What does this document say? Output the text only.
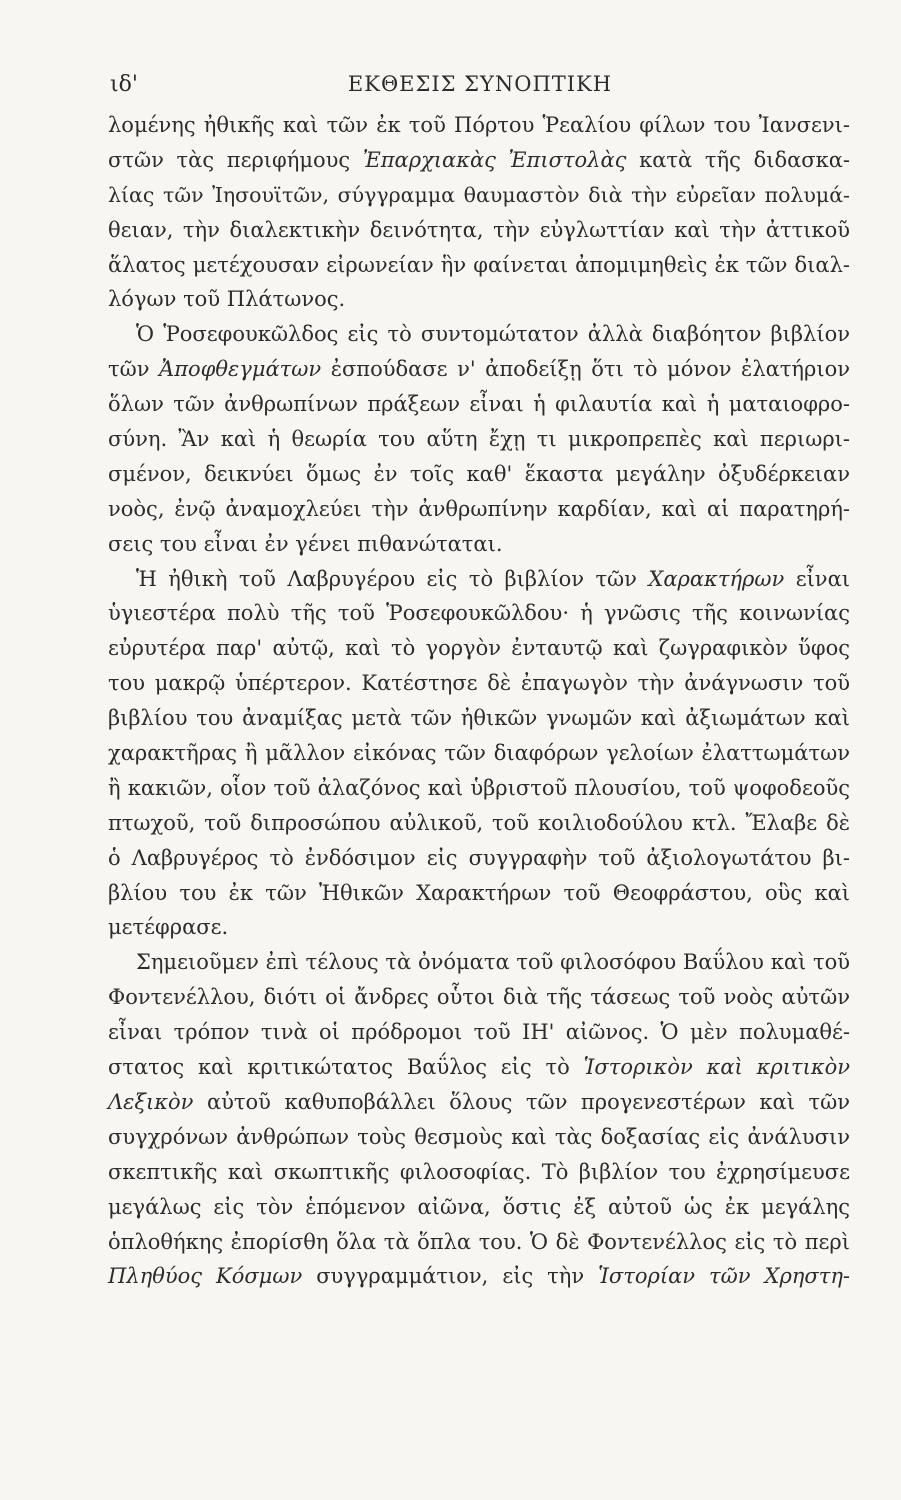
ιδ'	ΕΚΘΕΣΙΣ ΣΥΝΟΠΤΙΚΗ
λομένης ἠθικῆς καὶ τῶν ἐκ τοῦ Πόρτου Ῥεαλίου φίλων του Ἰανσενι-
στῶν τὰς περιφήμους Ἐπαρχιακὰς Ἐπιστολὰς κατὰ τῆς διδασκα-
λίας τῶν Ἰησουϊτῶν, σύγγραμμα θαυμαστὸν διὰ τὴν εὐρεῖαν πολυμά-
θειαν, τὴν διαλεκτικὴν δεινότητα, τὴν εὐγλωττίαν καὶ τὴν ἀττικοῦ
ἅλατος μετέχουσαν εἰρωνείαν ἣν φαίνεται ἀπομιμηθεὶς ἐκ τῶν διαλ-
λόγων τοῦ Πλάτωνος.
Ὁ Ῥοσεφουκῶλδος εἰς τὸ συντομώτατον ἀλλὰ διαβόητον βιβλίον
τῶν Ἀποφθεγμάτων ἐσπούδασε ν' ἀποδείξῃ ὅτι τὸ μόνον ἐλατήριον
ὅλων τῶν ἀνθρωπίνων πράξεων εἶναι ἡ φιλαυτία καὶ ἡ ματαιοφρο-
σύνη. Ἂν καὶ ἡ θεωρία του αὕτη ἔχῃ τι μικροπρεπὲς καὶ περιωρι-
σμένον, δεικνύει ὅμως ἐν τοῖς καθ' ἕκαστα μεγάλην ὀξυδέρκειαν
νοὸς, ἐνῷ ἀναμοχλεύει τὴν ἀνθρωπίνην καρδίαν, καὶ αἱ παρατηρή-
σεις του εἶναι ἐν γένει πιθανώταται.
Ἡ ἠθικὴ τοῦ Λαβρυγέρου εἰς τὸ βιβλίον τῶν Χαρακτήρων εἶναι
ὑγιεστέρα πολὺ τῆς τοῦ Ῥοσεφουκῶλδου· ἡ γνῶσις τῆς κοινωνίας
εὐρυτέρα παρ' αὐτῷ, καὶ τὸ γοργὸν ἐνταυτῷ καὶ ζωγραφικὸν ὕφος
του μακρῷ ὑπέρτερον. Κατέστησε δὲ ἐπαγωγὸν τὴν ἀνάγνωσιν τοῦ
βιβλίου του ἀναμίξας μετὰ τῶν ἠθικῶν γνωμῶν καὶ ἀξιωμάτων καὶ
χαρακτῆρας ἢ μᾶλλον εἰκόνας τῶν διαφόρων γελοίων ἐλαττωμάτων
ἢ κακιῶν, οἷον τοῦ ἀλαζόνος καὶ ὑβριστοῦ πλουσίου, τοῦ ψοφοδεοῦς
πτωχοῦ, τοῦ διπροσώπου αὐλικοῦ, τοῦ κοιλιοδούλου κτλ. Ἔλαβε δὲ
ὁ Λαβρυγέρος τὸ ἐνδόσιμον εἰς συγγραφὴν τοῦ ἀξιολογωτάτου βι-
βλίου του ἐκ τῶν Ἠθικῶν Χαρακτήρων τοῦ Θεοφράστου, οὓς καὶ
μετέφρασε.
Σημειοῦμεν ἐπὶ τέλους τὰ ὀνόματα τοῦ φιλοσόφου Βαΰλου καὶ τοῦ
Φοντενέλλου, διότι οἱ ἄνδρες οὗτοι διὰ τῆς τάσεως τοῦ νοὸς αὐτῶν
εἶναι τρόπον τινὰ οἱ πρόδρομοι τοῦ ΙΗ' αἰῶνος. Ὁ μὲν πολυμαθέ-
στατος καὶ κριτικώτατος Βαΰλος εἰς τὸ Ἱστορικὸν καὶ κριτικὸν
Λεξικὸν αὐτοῦ καθυποβάλλει ὅλους τῶν προγενεστέρων καὶ τῶν
συγχρόνων ἀνθρώπων τοὺς θεσμοὺς καὶ τὰς δοξασίας εἰς ἀνάλυσιν
σκεπτικῆς καὶ σκωπτικῆς φιλοσοφίας. Τὸ βιβλίον του ἐχρησίμευσε
μεγάλως εἰς τὸν ἑπόμενον αἰῶνα, ὅστις ἐξ αὐτοῦ ὡς ἐκ μεγάλης
ὁπλοθήκης ἐπορίσθη ὅλα τὰ ὅπλα του. Ὁ δὲ Φοντενέλλος εἰς τὸ περὶ
Πληθύος Κόσμων συγγραμμάτιον, εἰς τὴν Ἱστορίαν τῶν Χρηστη-
